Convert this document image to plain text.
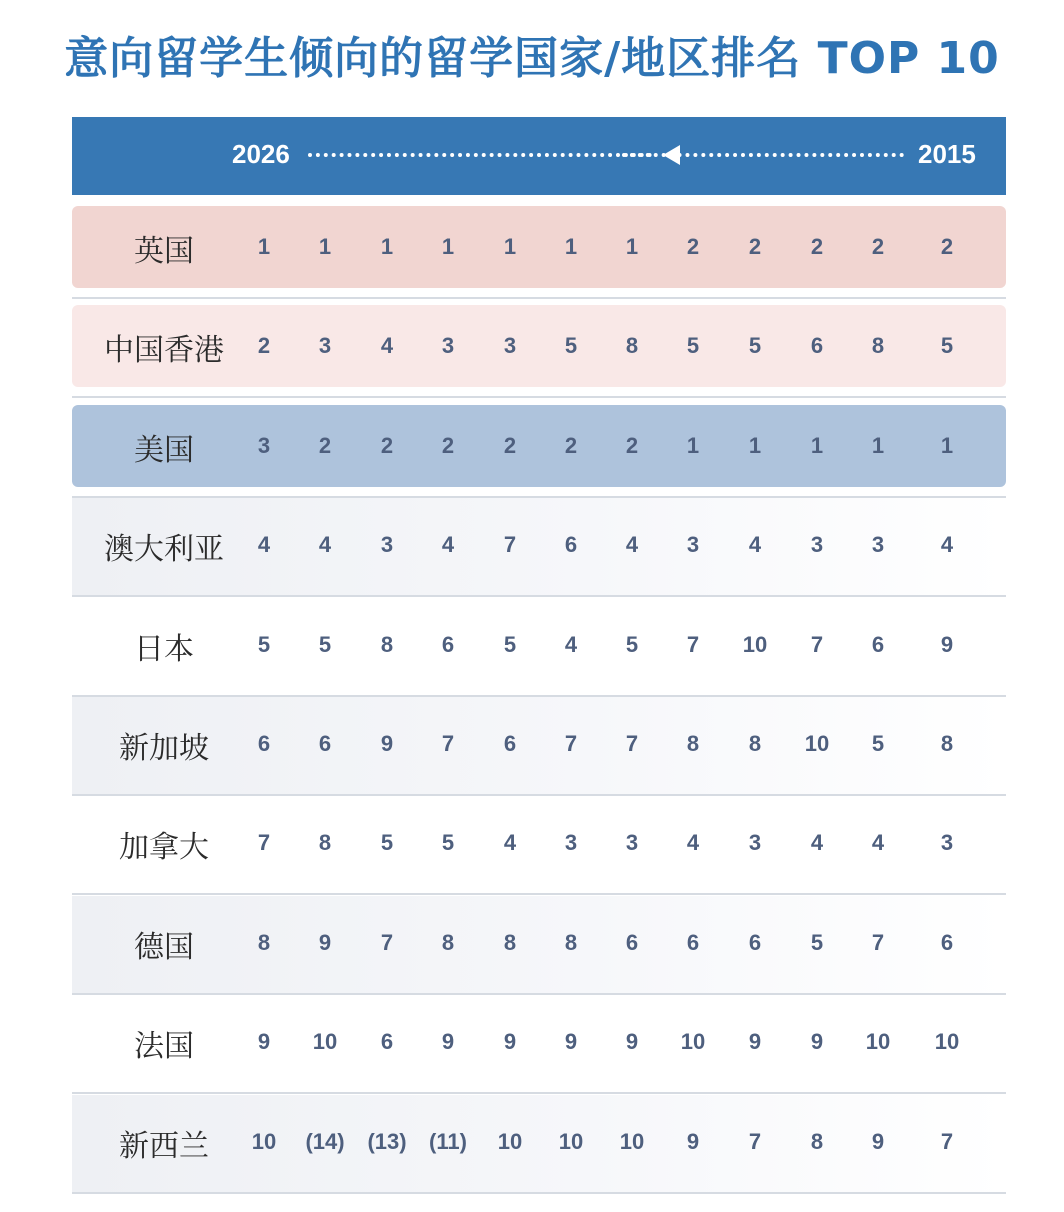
意向留学生倾向的留学国家/地区排名 TOP 10
2026	2015
英国	1	1	1	1	1	1	1	2	2	2	2	2
中国香港	2	3	4	3	3	5	8	5	5	6	8	5
美国	3	2	2	2	2	2	2	1	1	1	1	1
澳大利亚	4	4	3	4	7	6	4	3	4	3	3	4
日本	5	5	8	6	5	4	5	7	10	7	6	9
新加坡	6	6	9	7	6	7	7	8	8	10	5	8
加拿大	7	8	5	5	4	3	3	4	3	4	4	3
德国	8	9	7	8	8	8	6	6	6	5	7	6
法国	9	10	6	9	9	9	9	10	9	9	10	10
新西兰	10	(14)	(13)	(11)	10	10	10	9	7	8	9	7
